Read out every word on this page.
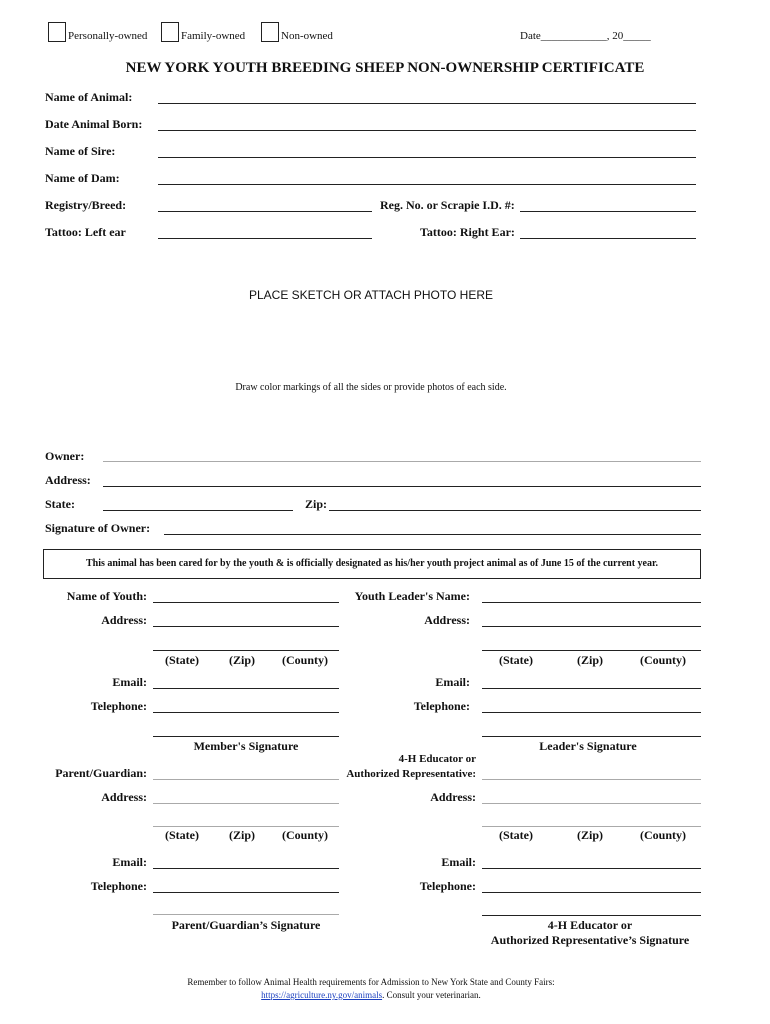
Personally-owned	Family-owned	Non-owned	Date____________, 20_____
NEW YORK YOUTH BREEDING SHEEP NON-OWNERSHIP CERTIFICATE
Name of Animal:
Date Animal Born:
Name of Sire:
Name of Dam:
Registry/Breed:	Reg. No. or Scrapie I.D. #:
Tattoo: Left ear	Tattoo: Right Ear:
PLACE SKETCH OR ATTACH PHOTO HERE
Draw color markings of all the sides or provide photos of each side.
Owner:
Address:
State:	Zip:
Signature of Owner:
This animal has been cared for by the youth & is officially designated as his/her youth project animal as of June 15 of the current year.
Name of Youth:
Address:
(State)	(Zip) (County)
Email:
Telephone:
Member's Signature
Youth Leader's Name:
Address:
(State)	(Zip)	(County)
Email:
Telephone:
Leader's Signature
Parent/Guardian:
Address:
(State)	(Zip) (County)
Email:
Telephone:
Parent/Guardian’s Signature
4-H Educator or
Authorized Representative:
Address:
(State)	(Zip)	(County)
Email:
Telephone:
4-H Educator or
Authorized Representative’s Signature
Remember to follow Animal Health requirements for Admission to New York State and County Fairs:
https://agriculture.ny.gov/animals. Consult your veterinarian.
